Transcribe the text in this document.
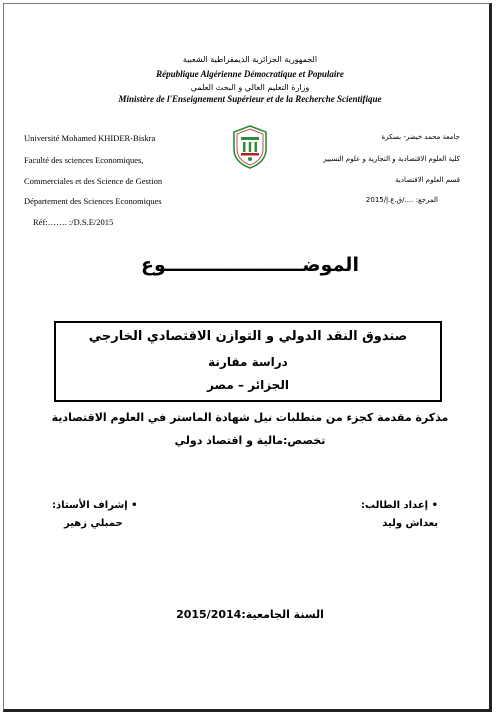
الجمهورية الجزائرية الديمقراطية الشعبية
République Algérienne Démocratique et Populaire
وزارة التعليم العالي و البحث العلمي
Ministère de l'Enseignement Supérieur et de la Recherche Scientifique
Université Mohamed KHIDER-Biskra
Faculté des sciences Economiques,
Commerciales et des Science de Gestion
Département des Sciences Economiques
Réf:……. :/D.S.E/2015
جامعة محمد خيضر- بسكرة
كلية العلوم الاقتصادية و التجارية و علوم التسيير
قسم العلوم الاقتصادية
المرجع: ..../ق.ع.إ/2015
الموضـــــــــــــــــــــوع
صندوق النقد الدولي و التوازن الاقتصادي الخارجي
دراسة مقارنة
الجزائر – مصر
مذكرة مقدمة كجزء من متطلبات نيل شهادة الماستر في العلوم الاقتصادية
تخصص:مالية و اقتصاد دولي
• إشراف الأستاذ:
حمبلي زهير
• إعداد الطالب:
بعداش وليد
السنة الجامعية:2015/2014
